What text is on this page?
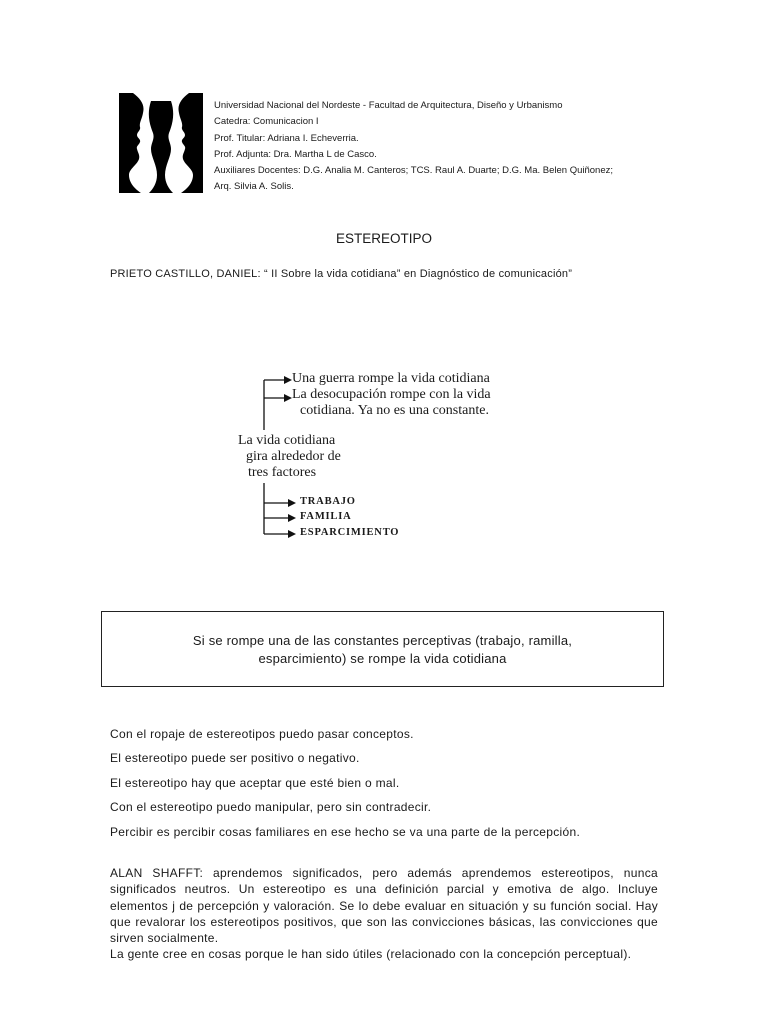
Universidad Nacional del Nordeste - Facultad de Arquitectura, Diseño y Urbanismo
Catedra: Comunicacion I
Prof. Titular: Adriana I. Echeverria.
Prof. Adjunta: Dra. Martha L de Casco.
Auxiliares Docentes: D.G. Analia M. Canteros; TCS. Raul A. Duarte; D.G. Ma. Belen Quiñonez;
Arq. Silvia A. Solis.
ESTEREOTIPO
PRIETO CASTILLO, DANIEL: “ II Sobre la vida cotidiana” en Diagnóstico de comunicación”
Una guerra rompe la vida cotidiana
La desocupación rompe con la vida
cotidiana. Ya no es una constante.
La vida cotidiana
gira alrededor de
tres factores
TRABAJO
FAMILIA
ESPARCIMIENTO
Si se rompe una de las constantes perceptivas (trabajo, ramilla,
esparcimiento) se rompe la vida cotidiana
Con el ropaje de estereotipos puedo pasar conceptos.
El estereotipo puede ser positivo o negativo.
El estereotipo hay que aceptar que esté bien o mal.
Con el estereotipo puedo manipular, pero sin contradecir.
Percibir es percibir cosas familiares en ese hecho se va una parte de la percepción.

ALAN SHAFFT: aprendemos significados, pero además aprendemos estereotipos, nunca significados neutros. Un estereotipo es una definición parcial y emotiva de algo. Incluye elementos j de percepción y valoración. Se lo debe evaluar en situación y su función social. Hay que revalorar los estereotipos positivos, que son las convicciones básicas, las convicciones que sirven socialmente.

La gente cree en cosas porque le han sido útiles (relacionado con la concepción perceptual).
